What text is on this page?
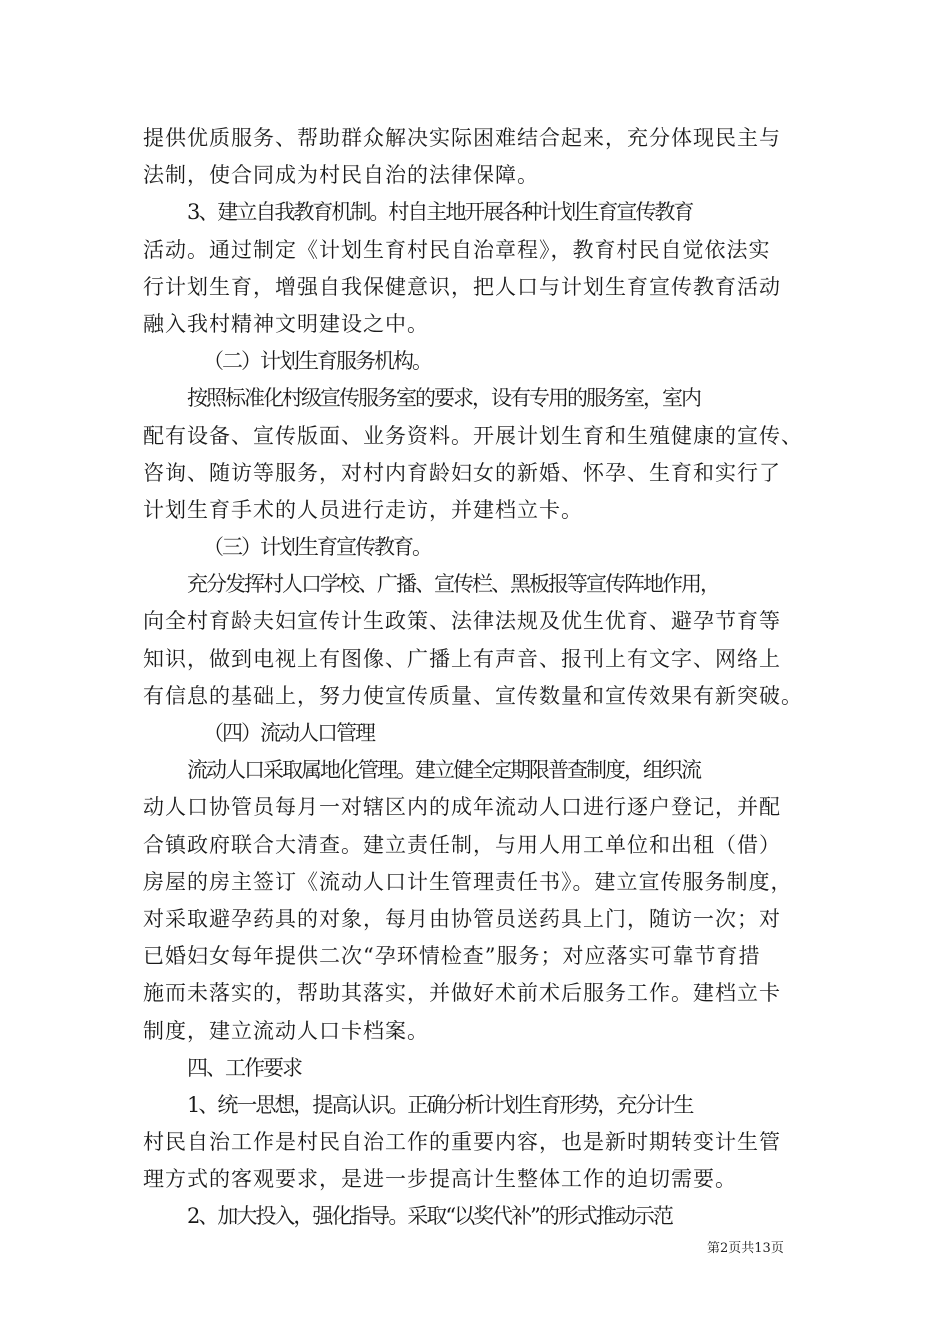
提供优质服务、帮助群众解决实际困难结合起来，充分体现民主与
法制，使合同成为村民自治的法律保障。
3、建立自我教育机制。村自主地开展各种计划生育宣传教育
活动。通过制定《计划生育村民自治章程》，教育村民自觉依法实
行计划生育，增强自我保健意识，把人口与计划生育宣传教育活动
融入我村精神文明建设之中。
（二）计划生育服务机构。
按照标准化村级宣传服务室的要求，设有专用的服务室，室内
配有设备、宣传版面、业务资料。开展计划生育和生殖健康的宣传、
咨询、随访等服务，对村内育龄妇女的新婚、怀孕、生育和实行了
计划生育手术的人员进行走访，并建档立卡。
（三）计划生育宣传教育。
充分发挥村人口学校、广播、宣传栏、黑板报等宣传阵地作用，
向全村育龄夫妇宣传计生政策、法律法规及优生优育、避孕节育等
知识，做到电视上有图像、广播上有声音、报刊上有文字、网络上
有信息的基础上，努力使宣传质量、宣传数量和宣传效果有新突破。
（四）流动人口管理
流动人口采取属地化管理。建立健全定期限普查制度，组织流
动人口协管员每月一对辖区内的成年流动人口进行逐户登记，并配
合镇政府联合大清查。建立责任制，与用人用工单位和出租（借）
房屋的房主签订《流动人口计生管理责任书》。建立宣传服务制度，
对采取避孕药具的对象，每月由协管员送药具上门，随访一次；对
已婚妇女每年提供二次“孕环情检查”服务；对应落实可靠节育措
施而未落实的，帮助其落实，并做好术前术后服务工作。建档立卡
制度，建立流动人口卡档案。
四、工作要求
1、统一思想，提高认识。正确分析计划生育形势，充分计生
村民自治工作是村民自治工作的重要内容，也是新时期转变计生管
理方式的客观要求，是进一步提高计生整体工作的迫切需要。
2、加大投入，强化指导。采取“以奖代补”的形式推动示范
第2页共13页
